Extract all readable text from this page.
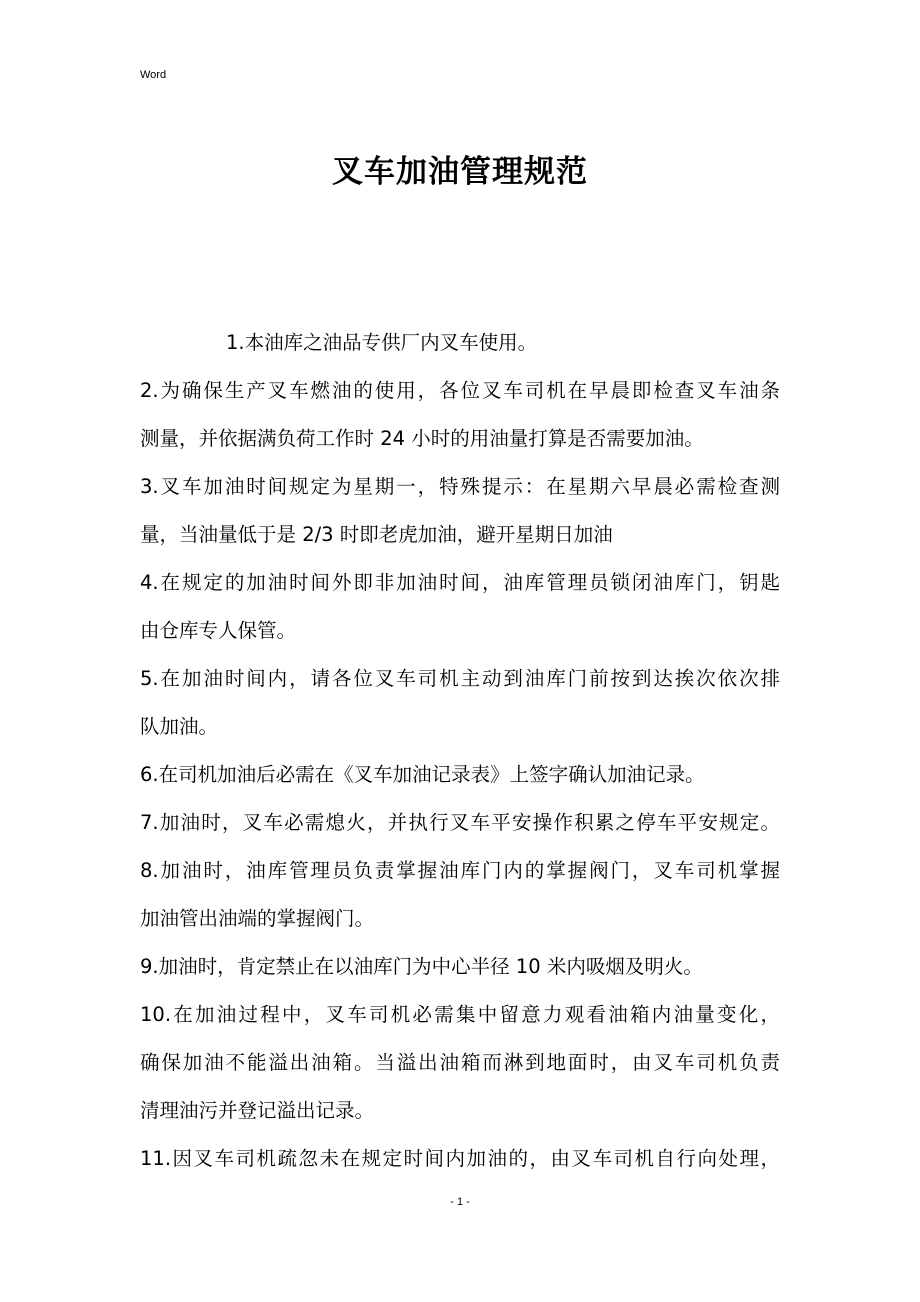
Word
叉车加油管理规范
1.本油库之油品专供厂内叉车使用。
2.为确保生产叉车燃油的使用，各位叉车司机在早晨即检查叉车油条
测量，并依据满负荷工作时 24 小时的用油量打算是否需要加油。
3.叉车加油时间规定为星期一，特殊提示：在星期六早晨必需检查测
量，当油量低于是 2/3 时即老虎加油，避开星期日加油
4.在规定的加油时间外即非加油时间，油库管理员锁闭油库门，钥匙
由仓库专人保管。
5.在加油时间内，请各位叉车司机主动到油库门前按到达挨次依次排
队加油。
6.在司机加油后必需在《叉车加油记录表》上签字确认加油记录。
7.加油时，叉车必需熄火，并执行叉车平安操作积累之停车平安规定。
8.加油时，油库管理员负责掌握油库门内的掌握阀门，叉车司机掌握
加油管出油端的掌握阀门。
9.加油时，肯定禁止在以油库门为中心半径 10 米内吸烟及明火。
10.在加油过程中，叉车司机必需集中留意力观看油箱内油量变化，
确保加油不能溢出油箱。当溢出油箱而淋到地面时，由叉车司机负责
清理油污并登记溢出记录。
11.因叉车司机疏忽未在规定时间内加油的，由叉车司机自行向处理，
- 1 -
